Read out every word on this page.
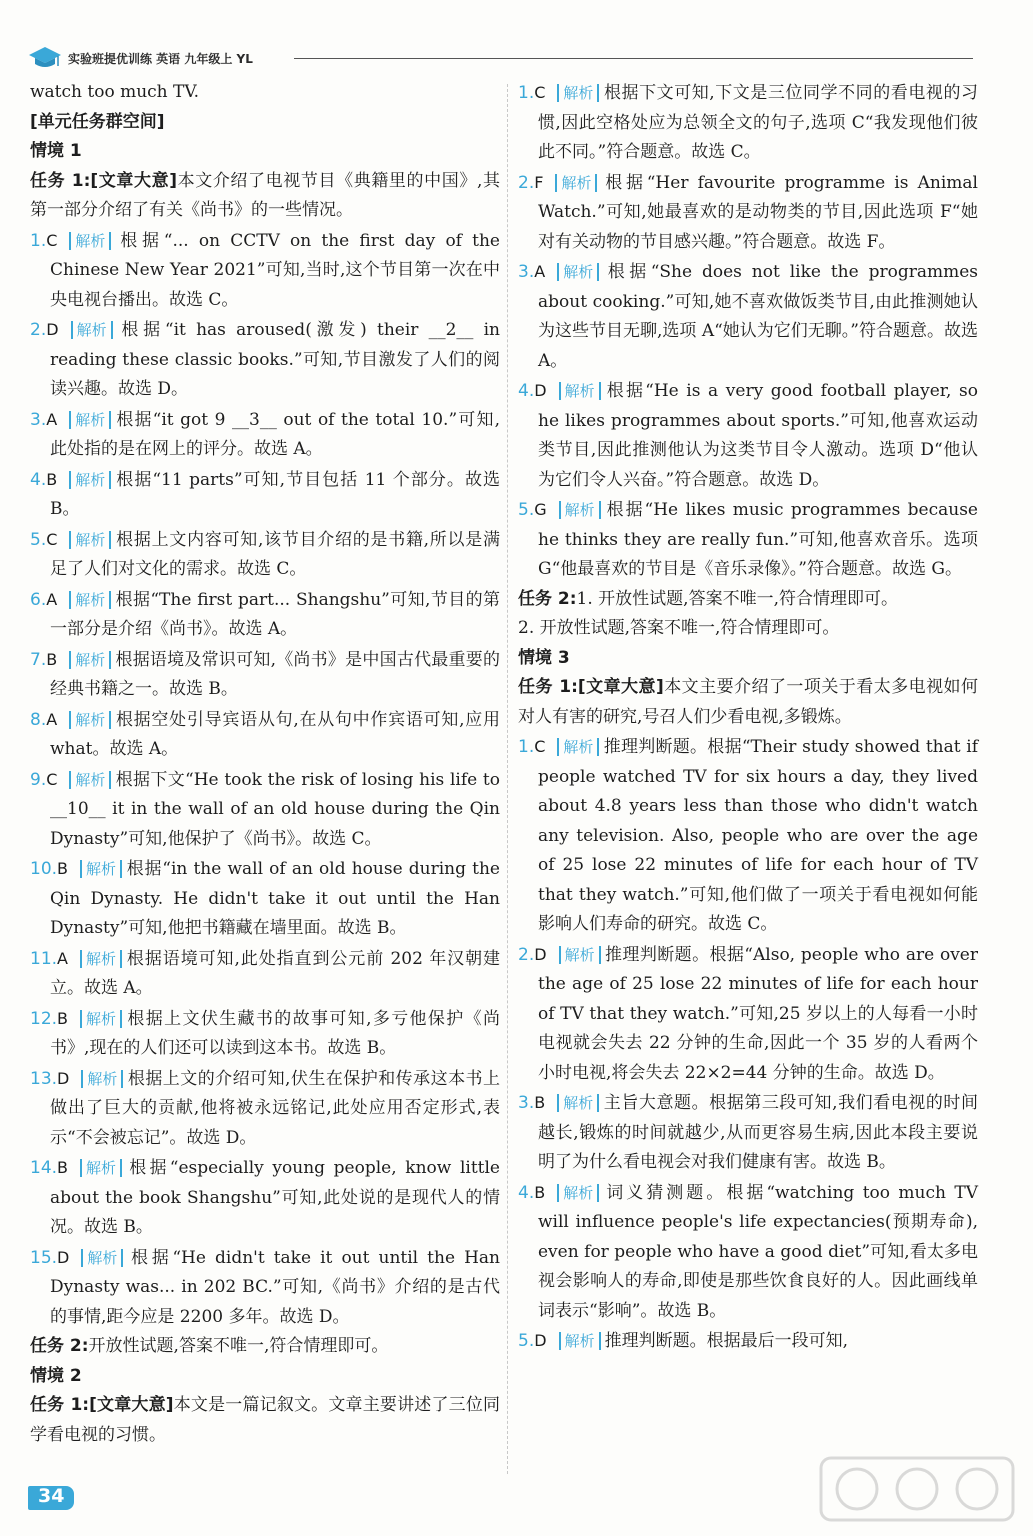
实验班提优训练 英语 九年级上 YL

watch too much TV.

[单元任务群空间]

情境 1

任务 1:[文章大意]本文介绍了电视节目《典籍里的中国》,其第一部分介绍了有关《尚书》的一些情况。

1.C 解析 根据“... on CCTV on the first day of the Chinese New Year 2021”可知,当时,这个节目第一次在中央电视台播出。故选 C。

2.D 解析 根据“it has aroused(激发) their __2__ in reading these classic books.”可知,节目激发了人们的阅读兴趣。故选 D。

3.A 解析 根据“it got 9 __3__ out of the total 10.”可知,此处指的是在网上的评分。故选 A。

4.B 解析 根据“11 parts”可知,节目包括 11 个部分。故选 B。

5.C 解析 根据上文内容可知,该节目介绍的是书籍,所以是满足了人们对文化的需求。故选 C。

6.A 解析 根据“The first part... Shangshu”可知,节目的第一部分是介绍《尚书》。故选 A。

7.B 解析 根据语境及常识可知,《尚书》是中国古代最重要的经典书籍之一。故选 B。

8.A 解析 根据空处引导宾语从句,在从句中作宾语可知,应用 what。故选 A。

9.C 解析 根据下文“He took the risk of losing his life to __10__ it in the wall of an old house during the Qin Dynasty”可知,他保护了《尚书》。故选 C。

10.B 解析 根据“in the wall of an old house during the Qin Dynasty. He didn't take it out until the Han Dynasty”可知,他把书籍藏在墙里面。故选 B。

11.A 解析 根据语境可知,此处指直到公元前 202 年汉朝建立。故选 A。

12.B 解析 根据上文伏生藏书的故事可知,多亏他保护《尚书》,现在的人们还可以读到这本书。故选 B。

13.D 解析 根据上文的介绍可知,伏生在保护和传承这本书上做出了巨大的贡献,他将被永远铭记,此处应用否定形式,表示“不会被忘记”。故选 D。

14.B 解析 根据“especially young people, know little about the book Shangshu”可知,此处说的是现代人的情况。故选 B。

15.D 解析 根据“He didn't take it out until the Han Dynasty was... in 202 BC.”可知,《尚书》介绍的是古代的事情,距今应是 2200 多年。故选 D。

任务 2:开放性试题,答案不唯一,符合情理即可。

情境 2

任务 1:[文章大意]本文是一篇记叙文。文章主要讲述了三位同学看电视的习惯。

1.C 解析 根据下文可知,下文是三位同学不同的看电视的习惯,因此空格处应为总领全文的句子,选项 C“我发现他们彼此不同。”符合题意。故选 C。

2.F 解析 根据“Her favourite programme is Animal Watch.”可知,她最喜欢的是动物类的节目,因此选项 F“她对有关动物的节目感兴趣。”符合题意。故选 F。

3.A 解析 根据“She does not like the programmes about cooking.”可知,她不喜欢做饭类节目,由此推测她认为这些节目无聊,选项 A“她认为它们无聊。”符合题意。故选 A。

4.D 解析 根据“He is a very good football player, so he likes programmes about sports.”可知,他喜欢运动类节目,因此推测他认为这类节目令人激动。选项 D“他认为它们令人兴奋。”符合题意。故选 D。

5.G 解析 根据“He likes music programmes because he thinks they are really fun.”可知,他喜欢音乐。选项 G“他最喜欢的节目是《音乐录像》。”符合题意。故选 G。

任务 2:1. 开放性试题,答案不唯一,符合情理即可。

2. 开放性试题,答案不唯一,符合情理即可。

情境 3

任务 1:[文章大意]本文主要介绍了一项关于看太多电视如何对人有害的研究,号召人们少看电视,多锻炼。

1.C 解析 推理判断题。根据“Their study showed that if people watched TV for six hours a day, they lived about 4.8 years less than those who didn't watch any television. Also, people who are over the age of 25 lose 22 minutes of life for each hour of TV that they watch.”可知,他们做了一项关于看电视如何能影响人们寿命的研究。故选 C。

2.D 解析 推理判断题。根据“Also, people who are over the age of 25 lose 22 minutes of life for each hour of TV that they watch.”可知,25 岁以上的人每看一小时电视就会失去 22 分钟的生命,因此一个 35 岁的人看两个小时电视,将会失去 22×2=44 分钟的生命。故选 D。

3.B 解析 主旨大意题。根据第三段可知,我们看电视的时间越长,锻炼的时间就越少,从而更容易生病,因此本段主要说明了为什么看电视会对我们健康有害。故选 B。

4.B 解析 词义猜测题。根据“watching too much TV will influence people's life expectancies(预期寿命), even for people who have a good diet”可知,看太多电视会影响人的寿命,即使是那些饮食良好的人。因此画线单词表示“影响”。故选 B。

5.D 解析 推理判断题。根据最后一段可知,

34
